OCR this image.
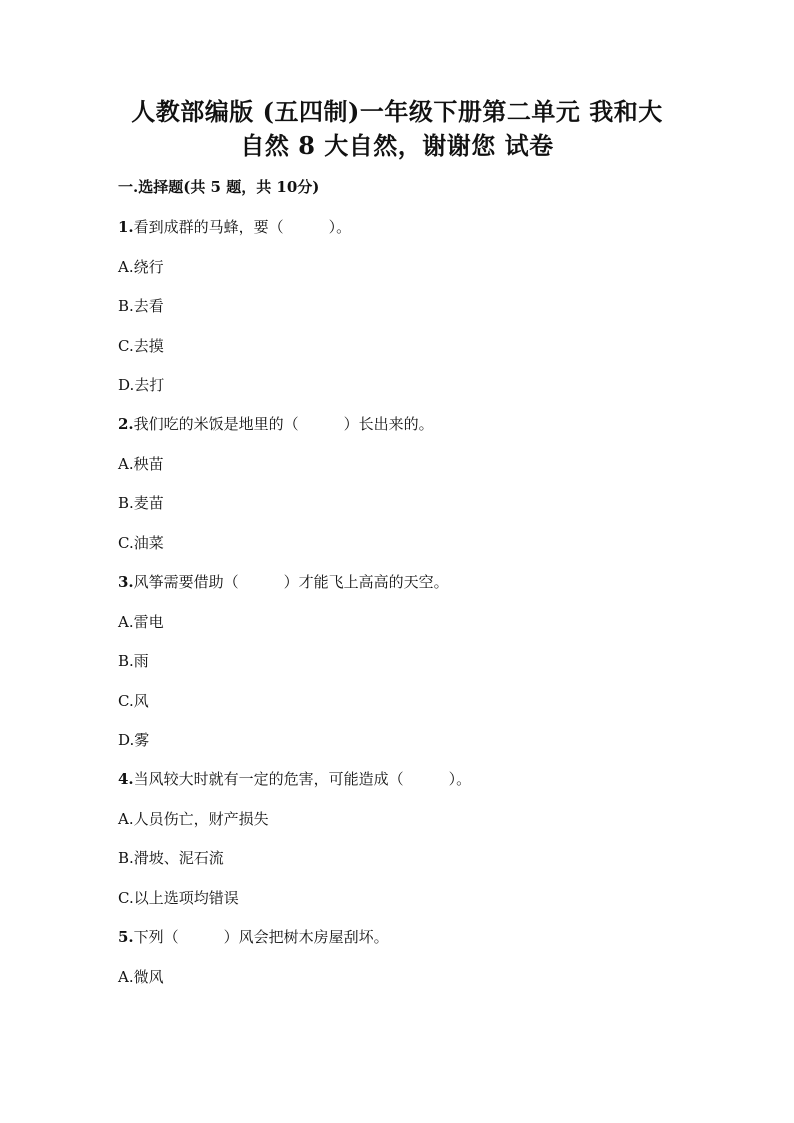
人教部编版 (五四制)一年级下册第二单元 我和大
自然 8 大自然，谢谢您 试卷
一.选择题(共 5 题，共 10分)
1.看到成群的马蜂，要（　　　）。
A.绕行
B.去看
C.去摸
D.去打
2.我们吃的米饭是地里的（　　　）长出来的。
A.秧苗
B.麦苗
C.油菜
3.风筝需要借助（　　　）才能飞上高高的天空。
A.雷电
B.雨
C.风
D.雾
4.当风较大时就有一定的危害，可能造成（　　　）。
A.人员伤亡，财产损失
B.滑坡、泥石流
C.以上选项均错误
5.下列（　　　）风会把树木房屋刮坏。
A.微风
